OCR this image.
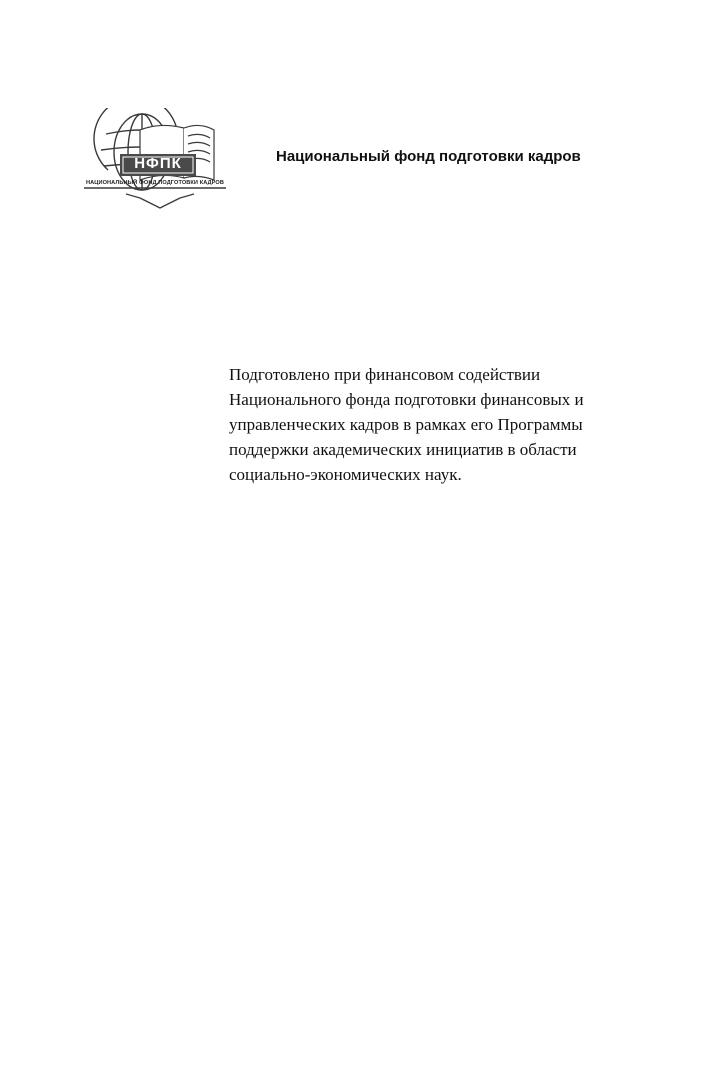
НФПК
НАЦИОНАЛЬНЫЙ ФОНД ПОДГОТОВКИ КАДРОВ
Национальный фонд подготовки кадров
Подготовлено при финансовом содействии
Национального фонда подготовки финансовых и
управленческих кадров в рамках его Программы
поддержки академических инициатив в области
социально-экономических наук.
